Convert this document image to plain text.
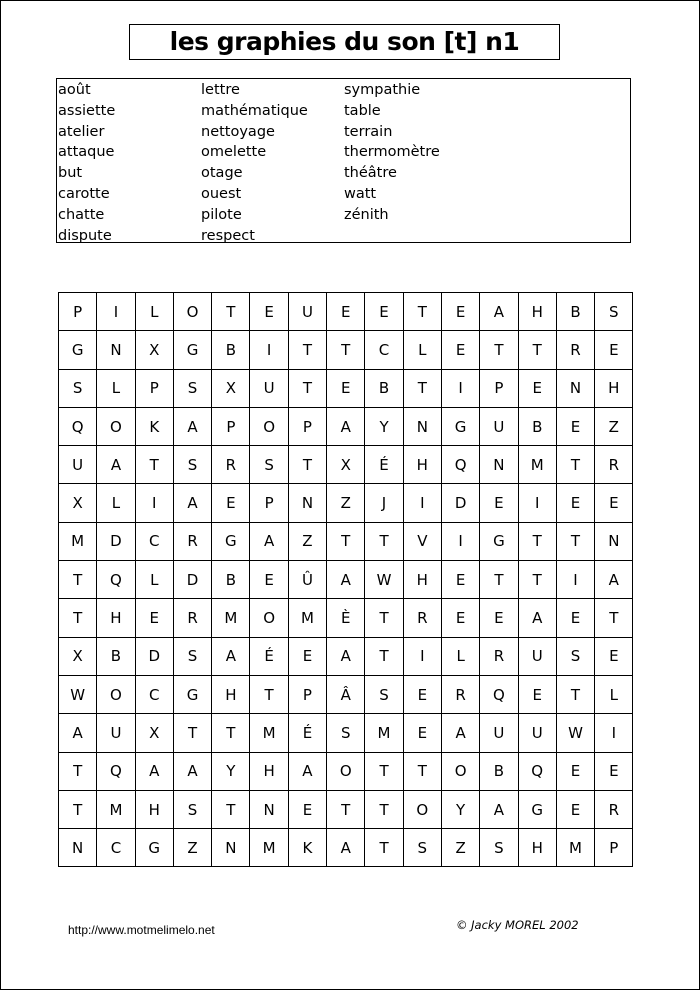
les graphies du son [t] n1
août
assiette
atelier
attaque
but
carotte
chatte
dispute
lettre
mathématique
nettoyage
omelette
otage
ouest
pilote
respect
sympathie
table
terrain
thermomètre
théâtre
watt
zénith
P	I	L	O	T	E	U	E	E	T	E	A	H	B	S
G	N	X	G	B	I	T	T	C	L	E	T	T	R	E
S	L	P	S	X	U	T	E	B	T	I	P	E	N	H
Q	O	K	A	P	O	P	A	Y	N	G	U	B	E	Z
U	A	T	S	R	S	T	X	É	H	Q	N	M	T	R
X	L	I	A	E	P	N	Z	J	I	D	E	I	E	E
M	D	C	R	G	A	Z	T	T	V	I	G	T	T	N
T	Q	L	D	B	E	Û	A	W	H	E	T	T	I	A
T	H	E	R	M	O	M	È	T	R	E	E	A	E	T
X	B	D	S	A	É	E	A	T	I	L	R	U	S	E
W	O	C	G	H	T	P	Â	S	E	R	Q	E	T	L
A	U	X	T	T	M	É	S	M	E	A	U	U	W	I
T	Q	A	A	Y	H	A	O	T	T	O	B	Q	E	E
T	M	H	S	T	N	E	T	T	O	Y	A	G	E	R
N	C	G	Z	N	M	K	A	T	S	Z	S	H	M	P
http://www.motmelimelo.net	© Jacky MOREL 2002
